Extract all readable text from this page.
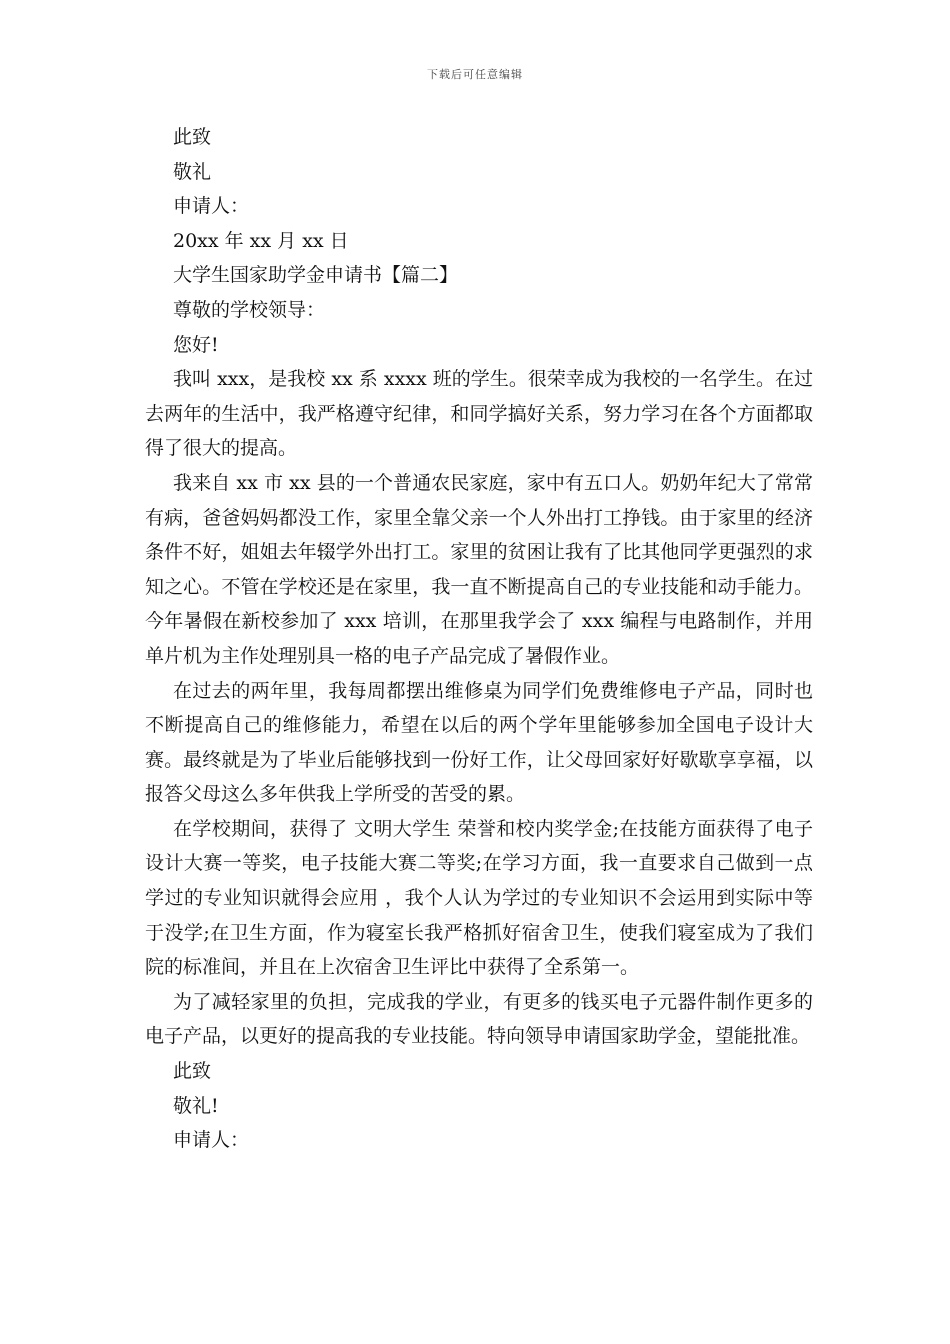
下载后可任意编辑
此致
敬礼
申请人：
20xx 年 xx 月 xx 日
大学生国家助学金申请书【篇二】
尊敬的学校领导：
您好!
我叫 xxx，是我校 xx 系 xxxx 班的学生。很荣幸成为我校的一名学生。在过去两年的生活中，我严格遵守纪律，和同学搞好关系，努力学习在各个方面都取得了很大的提高。
我来自 xx 市 xx 县的一个普通农民家庭，家中有五口人。奶奶年纪大了常常有病，爸爸妈妈都没工作，家里全靠父亲一个人外出打工挣钱。由于家里的经济条件不好，姐姐去年辍学外出打工。家里的贫困让我有了比其他同学更强烈的求知之心。不管在学校还是在家里，我一直不断提高自己的专业技能和动手能力。今年暑假在新校参加了 xxx 培训，在那里我学会了 xxx 编程与电路制作，并用单片机为主作处理别具一格的电子产品完成了暑假作业。
在过去的两年里，我每周都摆出维修桌为同学们免费维修电子产品，同时也不断提高自己的维修能力，希望在以后的两个学年里能够参加全国电子设计大赛。最终就是为了毕业后能够找到一份好工作，让父母回家好好歇歇享享福，以报答父母这么多年供我上学所受的苦受的累。
在学校期间，获得了 文明大学生 荣誉和校内奖学金;在技能方面获得了电子设计大赛一等奖，电子技能大赛二等奖;在学习方面，我一直要求自己做到一点 学过的专业知识就得会应用 ，我个人认为学过的专业知识不会运用到实际中等于没学;在卫生方面，作为寝室长我严格抓好宿舍卫生，使我们寝室成为了我们院的标准间，并且在上次宿舍卫生评比中获得了全系第一。
为了减轻家里的负担，完成我的学业，有更多的钱买电子元器件制作更多的电子产品，以更好的提高我的专业技能。特向领导申请国家助学金，望能批准。
此致
敬礼!
申请人：
